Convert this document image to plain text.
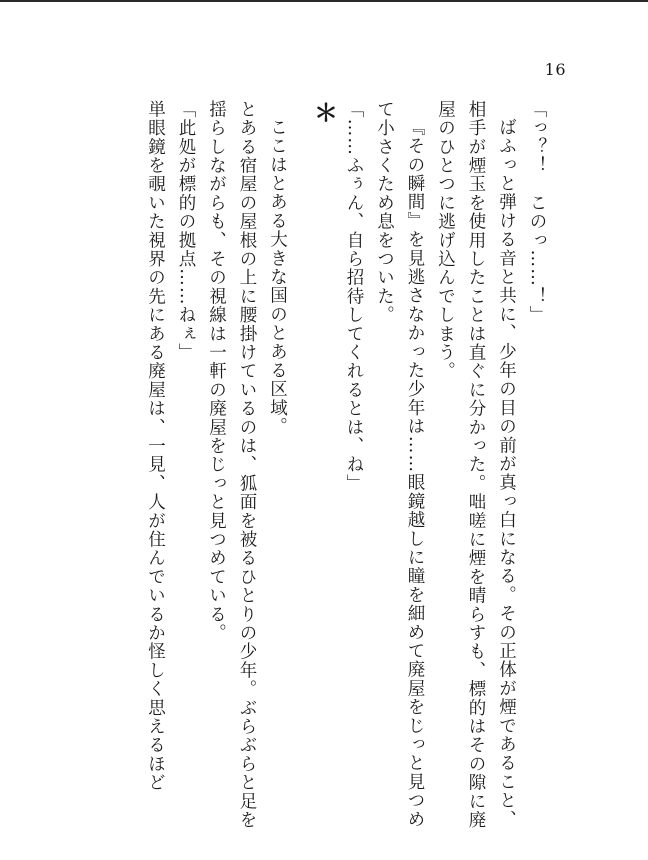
16

「っ？！　このっ……！」

ばふっと弾ける音と共に、少年の目の前が真っ白になる。その正体が煙であること、相手が煙玉を使用したことは直ぐに分かった。咄嗟に煙を晴らすも、標的はその隙に廃屋のひとつに逃げ込んでしまう。

『その瞬間』を見逃さなかった少年は……眼鏡越しに瞳を細めて廃屋をじっと見つめて小さくため息をついた。

「……ふぅん、自ら招待してくれるとは、ね」

＊

ここはとある大きな国のとある区域。

とある宿屋の屋根の上に腰掛けているのは、狐面を被るひとりの少年。ぶらぶらと足を揺らしながらも、その視線は一軒の廃屋をじっと見つめている。

「此処が標的の拠点……ねぇ」

単眼鏡を覗いた視界の先にある廃屋は、一見、人が住んでいるか怪しく思えるほど
